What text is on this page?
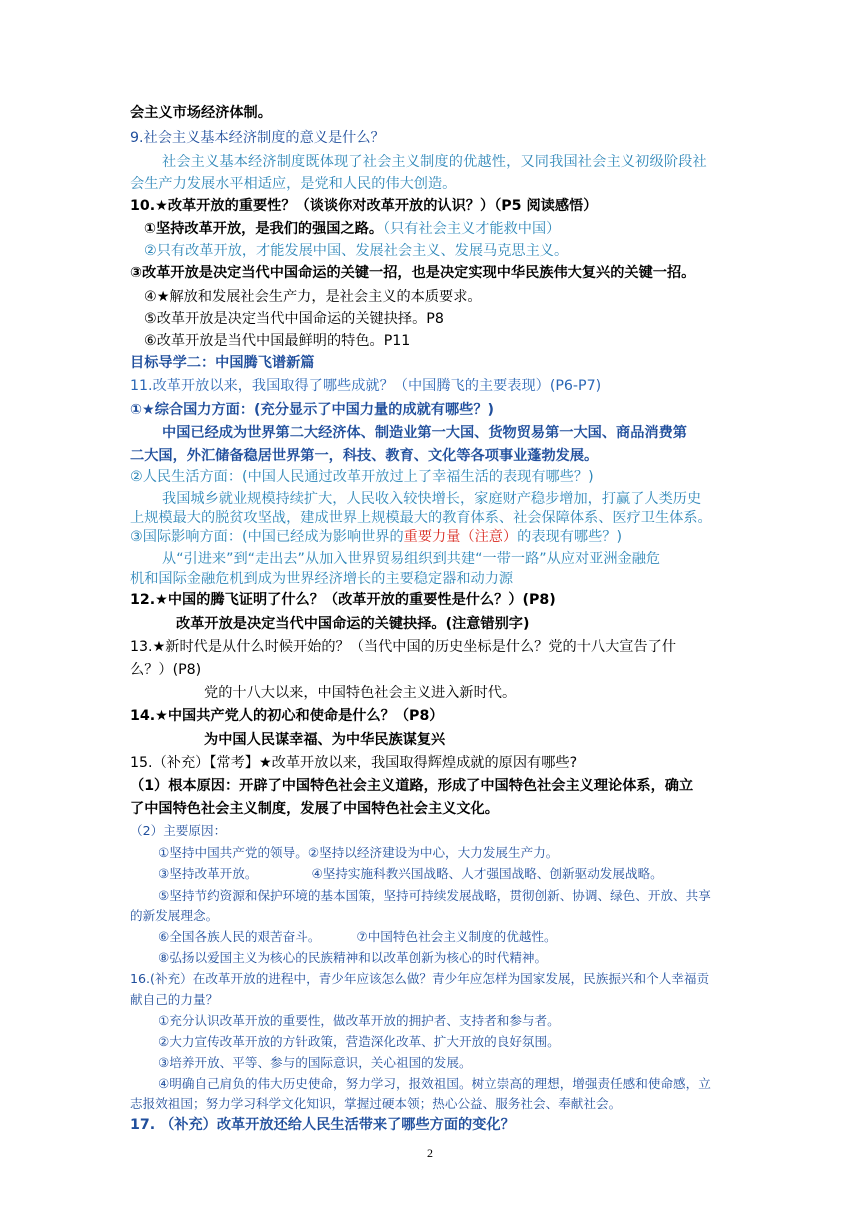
会主义市场经济体制。
9.社会主义基本经济制度的意义是什么？
社会主义基本经济制度既体现了社会主义制度的优越性，又同我国社会主义初级阶段社
会生产力发展水平相适应，是党和人民的伟大创造。
10.★改革开放的重要性？（谈谈你对改革开放的认识？）（P5 阅读感悟）
①坚持改革开放，是我们的强国之路。（只有社会主义才能救中国）
②只有改革开放，才能发展中国、发展社会主义、发展马克思主义。
③改革开放是决定当代中国命运的关键一招，也是决定实现中华民族伟大复兴的关键一招。
④★解放和发展社会生产力，是社会主义的本质要求。
⑤改革开放是决定当代中国命运的关键抉择。P8
⑥改革开放是当代中国最鲜明的特色。P11
目标导学二：中国腾飞谱新篇
11.改革开放以来，我国取得了哪些成就？（中国腾飞的主要表现）(P6-P7)
①★综合国力方面：(充分显示了中国力量的成就有哪些？)
中国已经成为世界第二大经济体、制造业第一大国、货物贸易第一大国、商品消费第
二大国，外汇储备稳居世界第一，科技、教育、文化等各项事业蓬勃发展。
②人民生活方面：(中国人民通过改革开放过上了幸福生活的表现有哪些？)
我国城乡就业规模持续扩大，人民收入较快增长，家庭财产稳步增加，打赢了人类历史
上规模最大的脱贫攻坚战，建成世界上规模最大的教育体系、社会保障体系、医疗卫生体系。
③国际影响方面：(中国已经成为影响世界的重要力量（注意）的表现有哪些？)
从“引进来”到“走出去”从加入世界贸易组织到共建“一带一路”从应对亚洲金融危
机和国际金融危机到成为世界经济增长的主要稳定器和动力源
12.★中国的腾飞证明了什么？（改革开放的重要性是什么？）(P8)
改革开放是决定当代中国命运的关键抉择。(注意错别字)
13.★新时代是从什么时候开始的？（当代中国的历史坐标是什么？党的十八大宣告了什
么？）(P8)
党的十八大以来，中国特色社会主义进入新时代。
14.★中国共产党人的初心和使命是什么？（P8）
为中国人民谋幸福、为中华民族谋复兴
15.（补充）【常考】★改革开放以来，我国取得辉煌成就的原因有哪些?
（1）根本原因：开辟了中国特色社会主义道路，形成了中国特色社会主义理论体系，确立
了中国特色社会主义制度，发展了中国特色社会主义文化。
（2）主要原因：
①坚持中国共产党的领导。②坚持以经济建设为中心，大力发展生产力。
③坚持改革开放。	④坚持实施科教兴国战略、人才强国战略、创新驱动发展战略。
⑤坚持节约资源和保护环境的基本国策，坚持可持续发展战略，贯彻创新、协调、绿色、开放、共享
的新发展理念。
⑥全国各族人民的艰苦奋斗。	⑦中国特色社会主义制度的优越性。
⑧弘扬以爱国主义为核心的民族精神和以改革创新为核心的时代精神。
16.(补充）在改革开放的进程中，青少年应该怎么做？青少年应怎样为国家发展，民族振兴和个人幸福贡
献自己的力量？
①充分认识改革开放的重要性，做改革开放的拥护者、支持者和参与者。
②大力宣传改革开放的方针政策，营造深化改革、扩大开放的良好氛围。
③培养开放、平等、参与的国际意识，关心祖国的发展。
④明确自己肩负的伟大历史使命，努力学习，报效祖国。树立崇高的理想，增强责任感和使命感，立
志报效祖国；努力学习科学文化知识，掌握过硬本领；热心公益、服务社会、奉献社会。
17. （补充）改革开放还给人民生活带来了哪些方面的变化？
2
